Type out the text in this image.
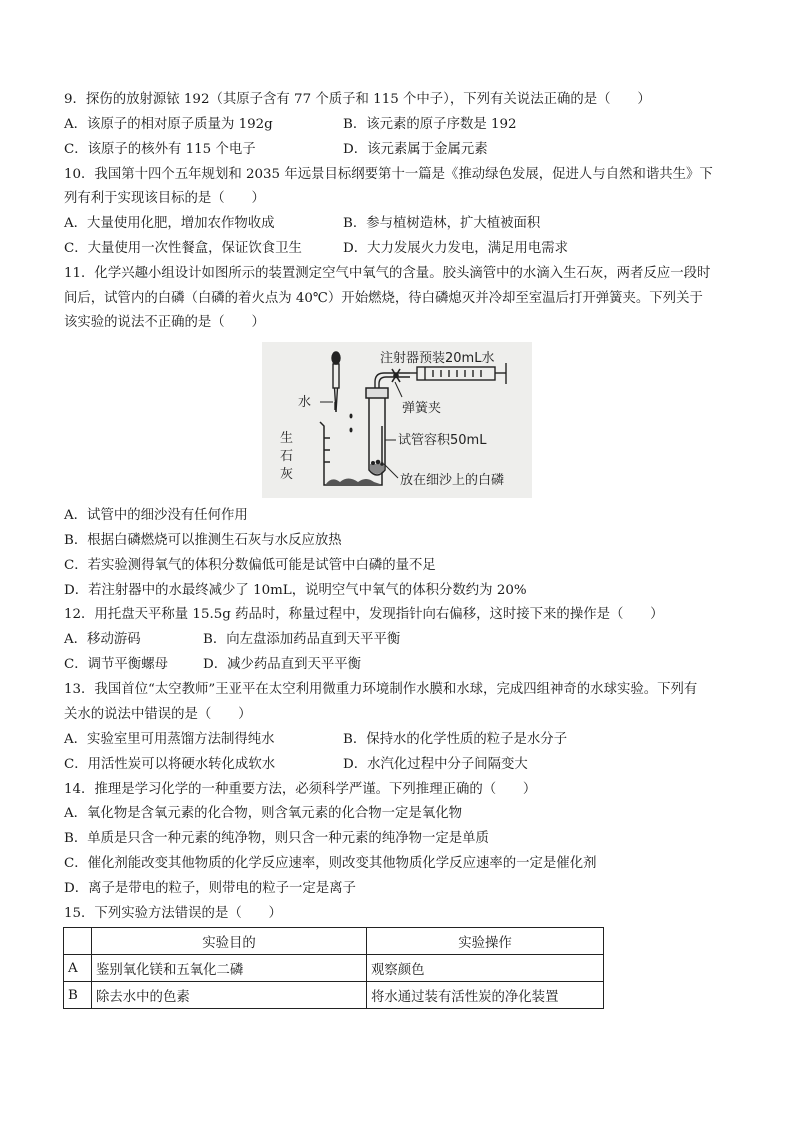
9．探伤的放射源铱 192（其原子含有 77 个质子和 115 个中子），下列有关说法正确的是（　　）
A．该原子的相对原子质量为 192g	B．该元素的原子序数是 192
C．该原子的核外有 115 个电子	D．该元素属于金属元素
10．我国第十四个五年规划和 2035 年远景目标纲要第十一篇是《推动绿色发展，促进人与自然和谐共生》下
列有利于实现该目标的是（　　）
A．大量使用化肥，增加农作物收成	B．参与植树造林，扩大植被面积
C．大量使用一次性餐盒，保证饮食卫生	D．大力发展火力发电，满足用电需求
11．化学兴趣小组设计如图所示的装置测定空气中氧气的含量。胶头滴管中的水滴入生石灰，两者反应一段时
间后，试管内的白磷（白磷的着火点为 40℃）开始燃烧，待白磷熄灭并冷却至室温后打开弹簧夹。下列关于
该实验的说法不正确的是（　　）
注射器预装20mL水
水	弹簧夹
生
石
灰
试管容积50mL
放在细沙上的白磷
A．试管中的细沙没有任何作用
B．根据白磷燃烧可以推测生石灰与水反应放热
C．若实验测得氧气的体积分数偏低可能是试管中白磷的量不足
D．若注射器中的水最终减少了 10mL，说明空气中氧气的体积分数约为 20%
12．用托盘天平称量 15.5g 药品时，称量过程中，发现指针向右偏移，这时接下来的操作是（　　）
A．移动游码	B．向左盘添加药品直到天平平衡
C．调节平衡螺母	D．减少药品直到天平平衡
13．我国首位“太空教师”王亚平在太空利用微重力环境制作水膜和水球，完成四组神奇的水球实验。下列有
关水的说法中错误的是（　　）
A．实验室里可用蒸馏方法制得纯水	B．保持水的化学性质的粒子是水分子
C．用活性炭可以将硬水转化成软水	D．水汽化过程中分子间隔变大
14．推理是学习化学的一种重要方法，必须科学严谨。下列推理正确的（　　）
A．氧化物是含氧元素的化合物，则含氧元素的化合物一定是氧化物
B．单质是只含一种元素的纯净物，则只含一种元素的纯净物一定是单质
C．催化剂能改变其他物质的化学反应速率，则改变其他物质化学反应速率的一定是催化剂
D．离子是带电的粒子，则带电的粒子一定是离子
15．下列实验方法错误的是（　　）
	实验目的	实验操作
A	鉴别氧化镁和五氧化二磷	观察颜色
B	除去水中的色素	将水通过装有活性炭的净化装置
